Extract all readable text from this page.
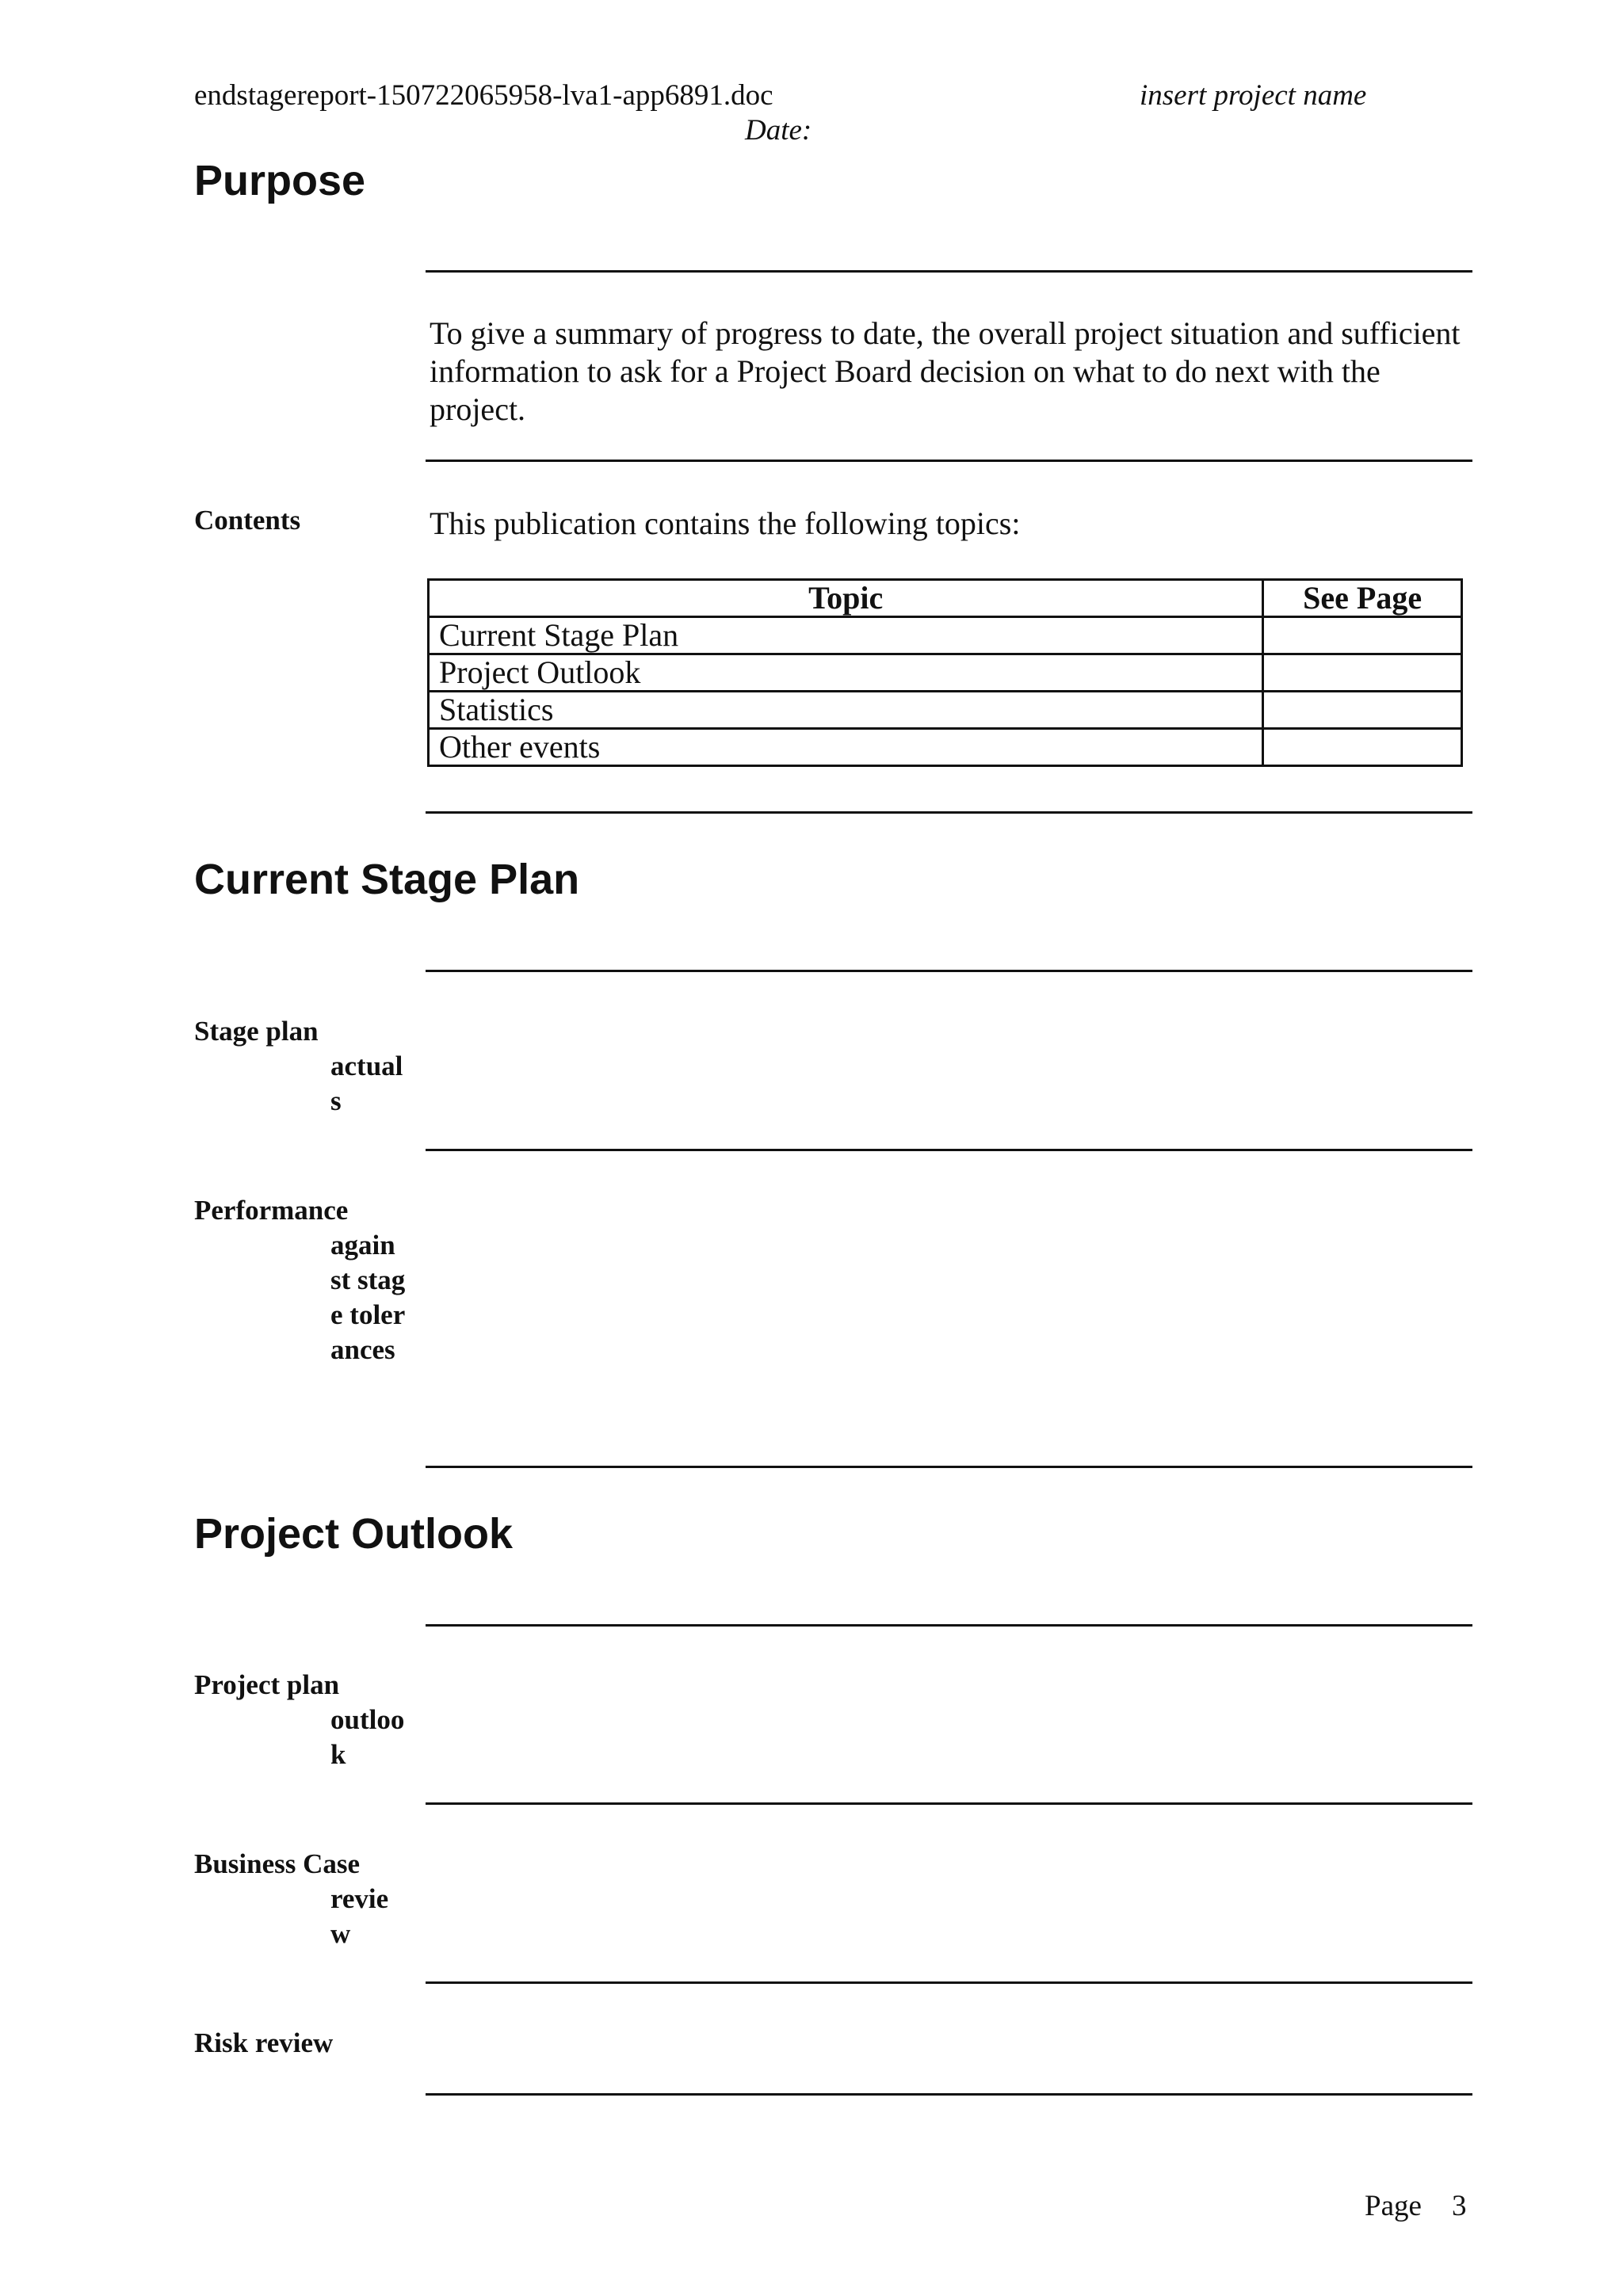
endstagereport-150722065958-lva1-app6891.doc	insert project name
Date:
Purpose

To give a summary of progress to date, the overall project situation and sufficient information to ask for a Project Board decision on what to do next with the project.

Contents	This publication contains the following topics:

Topic	See Page
Current Stage Plan	
Project Outlook	
Statistics	
Other events	
Current Stage Plan
Stage plan
actuals
Performance
against stage tolerances
Project Outlook
Project plan
outlook
Business Case
review
Risk review
Page 3
